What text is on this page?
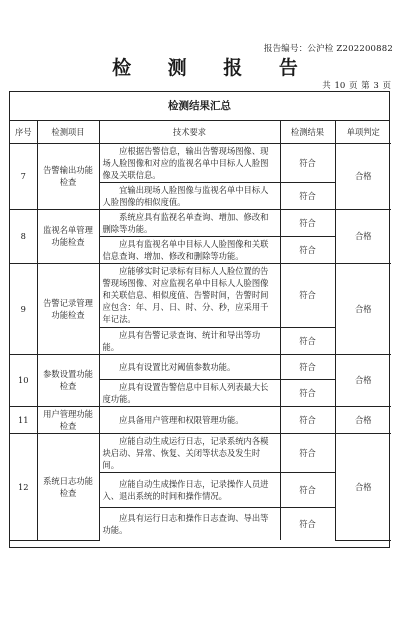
报告编号：公沪检 Z202200882
检 测 报 告
共 10 页 第 3 页
检测结果汇总
序号	检测项目	技术要求	检测结果	单项判定
7	告警输出功能检查	应根据告警信息，输出告警现场图像、现场人脸图像和对应的监视名单中目标人人脸图像及关联信息。	符合	合格
		宜输出现场人脸图像与监视名单中目标人人脸图像的相似度值。	符合	
8	监视名单管理功能检查	系统应具有监视名单查询、增加、修改和删除等功能。	符合	合格
		应具有监视名单中目标人人脸图像和关联信息查询、增加、修改和删除等功能。	符合	
9	告警记录管理功能检查	应能够实时记录标有目标人人脸位置的告警现场图像、对应监视名单中目标人人脸图像和关联信息、相似度值、告警时间，告警时间应包含：年、月、日、时、分、秒，应采用千年记法。	符合	合格
		应具有告警记录查询、统计和导出等功能。	符合	
10	参数设置功能检查	应具有设置比对阈值参数功能。	符合	合格
		应具有设置告警信息中目标人列表最大长度功能。	符合	
11	用户管理功能检查	应具备用户管理和权限管理功能。	符合	合格
12	系统日志功能检查	应能自动生成运行日志，记录系统内各模块启动、异常、恢复、关闭等状态及发生时间。	符合	合格
		应能自动生成操作日志，记录操作人员进入、退出系统的时间和操作情况。	符合	
		应具有运行日志和操作日志查询、导出等功能。	符合	
